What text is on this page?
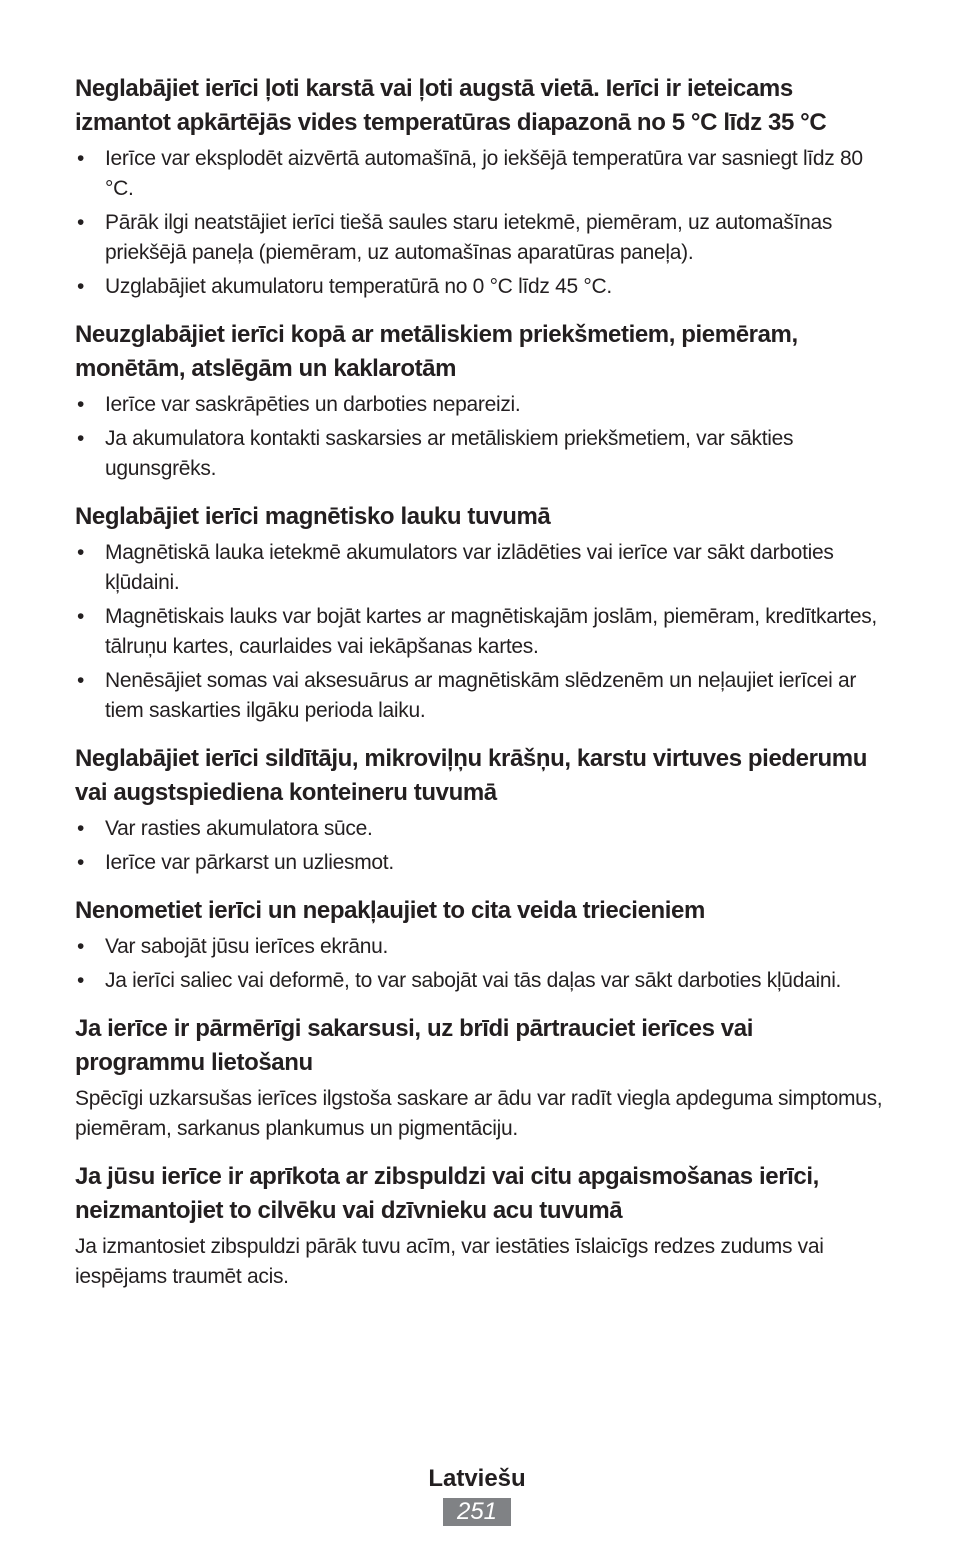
Neglabājiet ierīci ļoti karstā vai ļoti augstā vietā. Ierīci ir ieteicams izmantot apkārtējās vides temperatūras diapazonā no 5 °C līdz 35 °C
• Ierīce var eksplodēt aizvērtā automašīnā, jo iekšējā temperatūra var sasniegt līdz 80 °C.
• Pārāk ilgi neatstājiet ierīci tiešā saules staru ietekmē, piemēram, uz automašīnas priekšējā paneļa (piemēram, uz automašīnas aparatūras paneļa).
• Uzglabājiet akumulatoru temperatūrā no 0 °C līdz 45 °C.
Neuzglabājiet ierīci kopā ar metāliskiem priekšmetiem, piemēram, monētām, atslēgām un kaklarotām
• Ierīce var saskrāpēties un darboties nepareizi.
• Ja akumulatora kontakti saskarsies ar metāliskiem priekšmetiem, var sākties ugunsgrēks.
Neglabājiet ierīci magnētisko lauku tuvumā
• Magnētiskā lauka ietekmē akumulators var izlādēties vai ierīce var sākt darboties kļūdaini.
• Magnētiskais lauks var bojāt kartes ar magnētiskajām joslām, piemēram, kredītkartes, tālruņu kartes, caurlaides vai iekāpšanas kartes.
• Nenēsājiet somas vai aksesuārus ar magnētiskām slēdzenēm un neļaujiet ierīcei ar tiem saskarties ilgāku perioda laiku.
Neglabājiet ierīci sildītāju, mikroviļņu krāšņu, karstu virtuves piederumu vai augstspiediena konteineru tuvumā
• Var rasties akumulatora sūce.
• Ierīce var pārkarst un uzliesmot.
Nenometiet ierīci un nepakļaujiet to cita veida triecieniem
• Var sabojāt jūsu ierīces ekrānu.
• Ja ierīci saliec vai deformē, to var sabojāt vai tās daļas var sākt darboties kļūdaini.
Ja ierīce ir pārmērīgi sakarsusi, uz brīdi pārtrauciet ierīces vai programmu lietošanu

Spēcīgi uzkarsušas ierīces ilgstoša saskare ar ādu var radīt viegla apdeguma simptomus, piemēram, sarkanus plankumus un pigmentāciju.

Ja jūsu ierīce ir aprīkota ar zibspuldzi vai citu apgaismošanas ierīci, neizmantojiet to cilvēku vai dzīvnieku acu tuvumā

Ja izmantosiet zibspuldzi pārāk tuvu acīm, var iestāties īslaicīgs redzes zudums vai iespējams traumēt acis.

Latviešu
251
